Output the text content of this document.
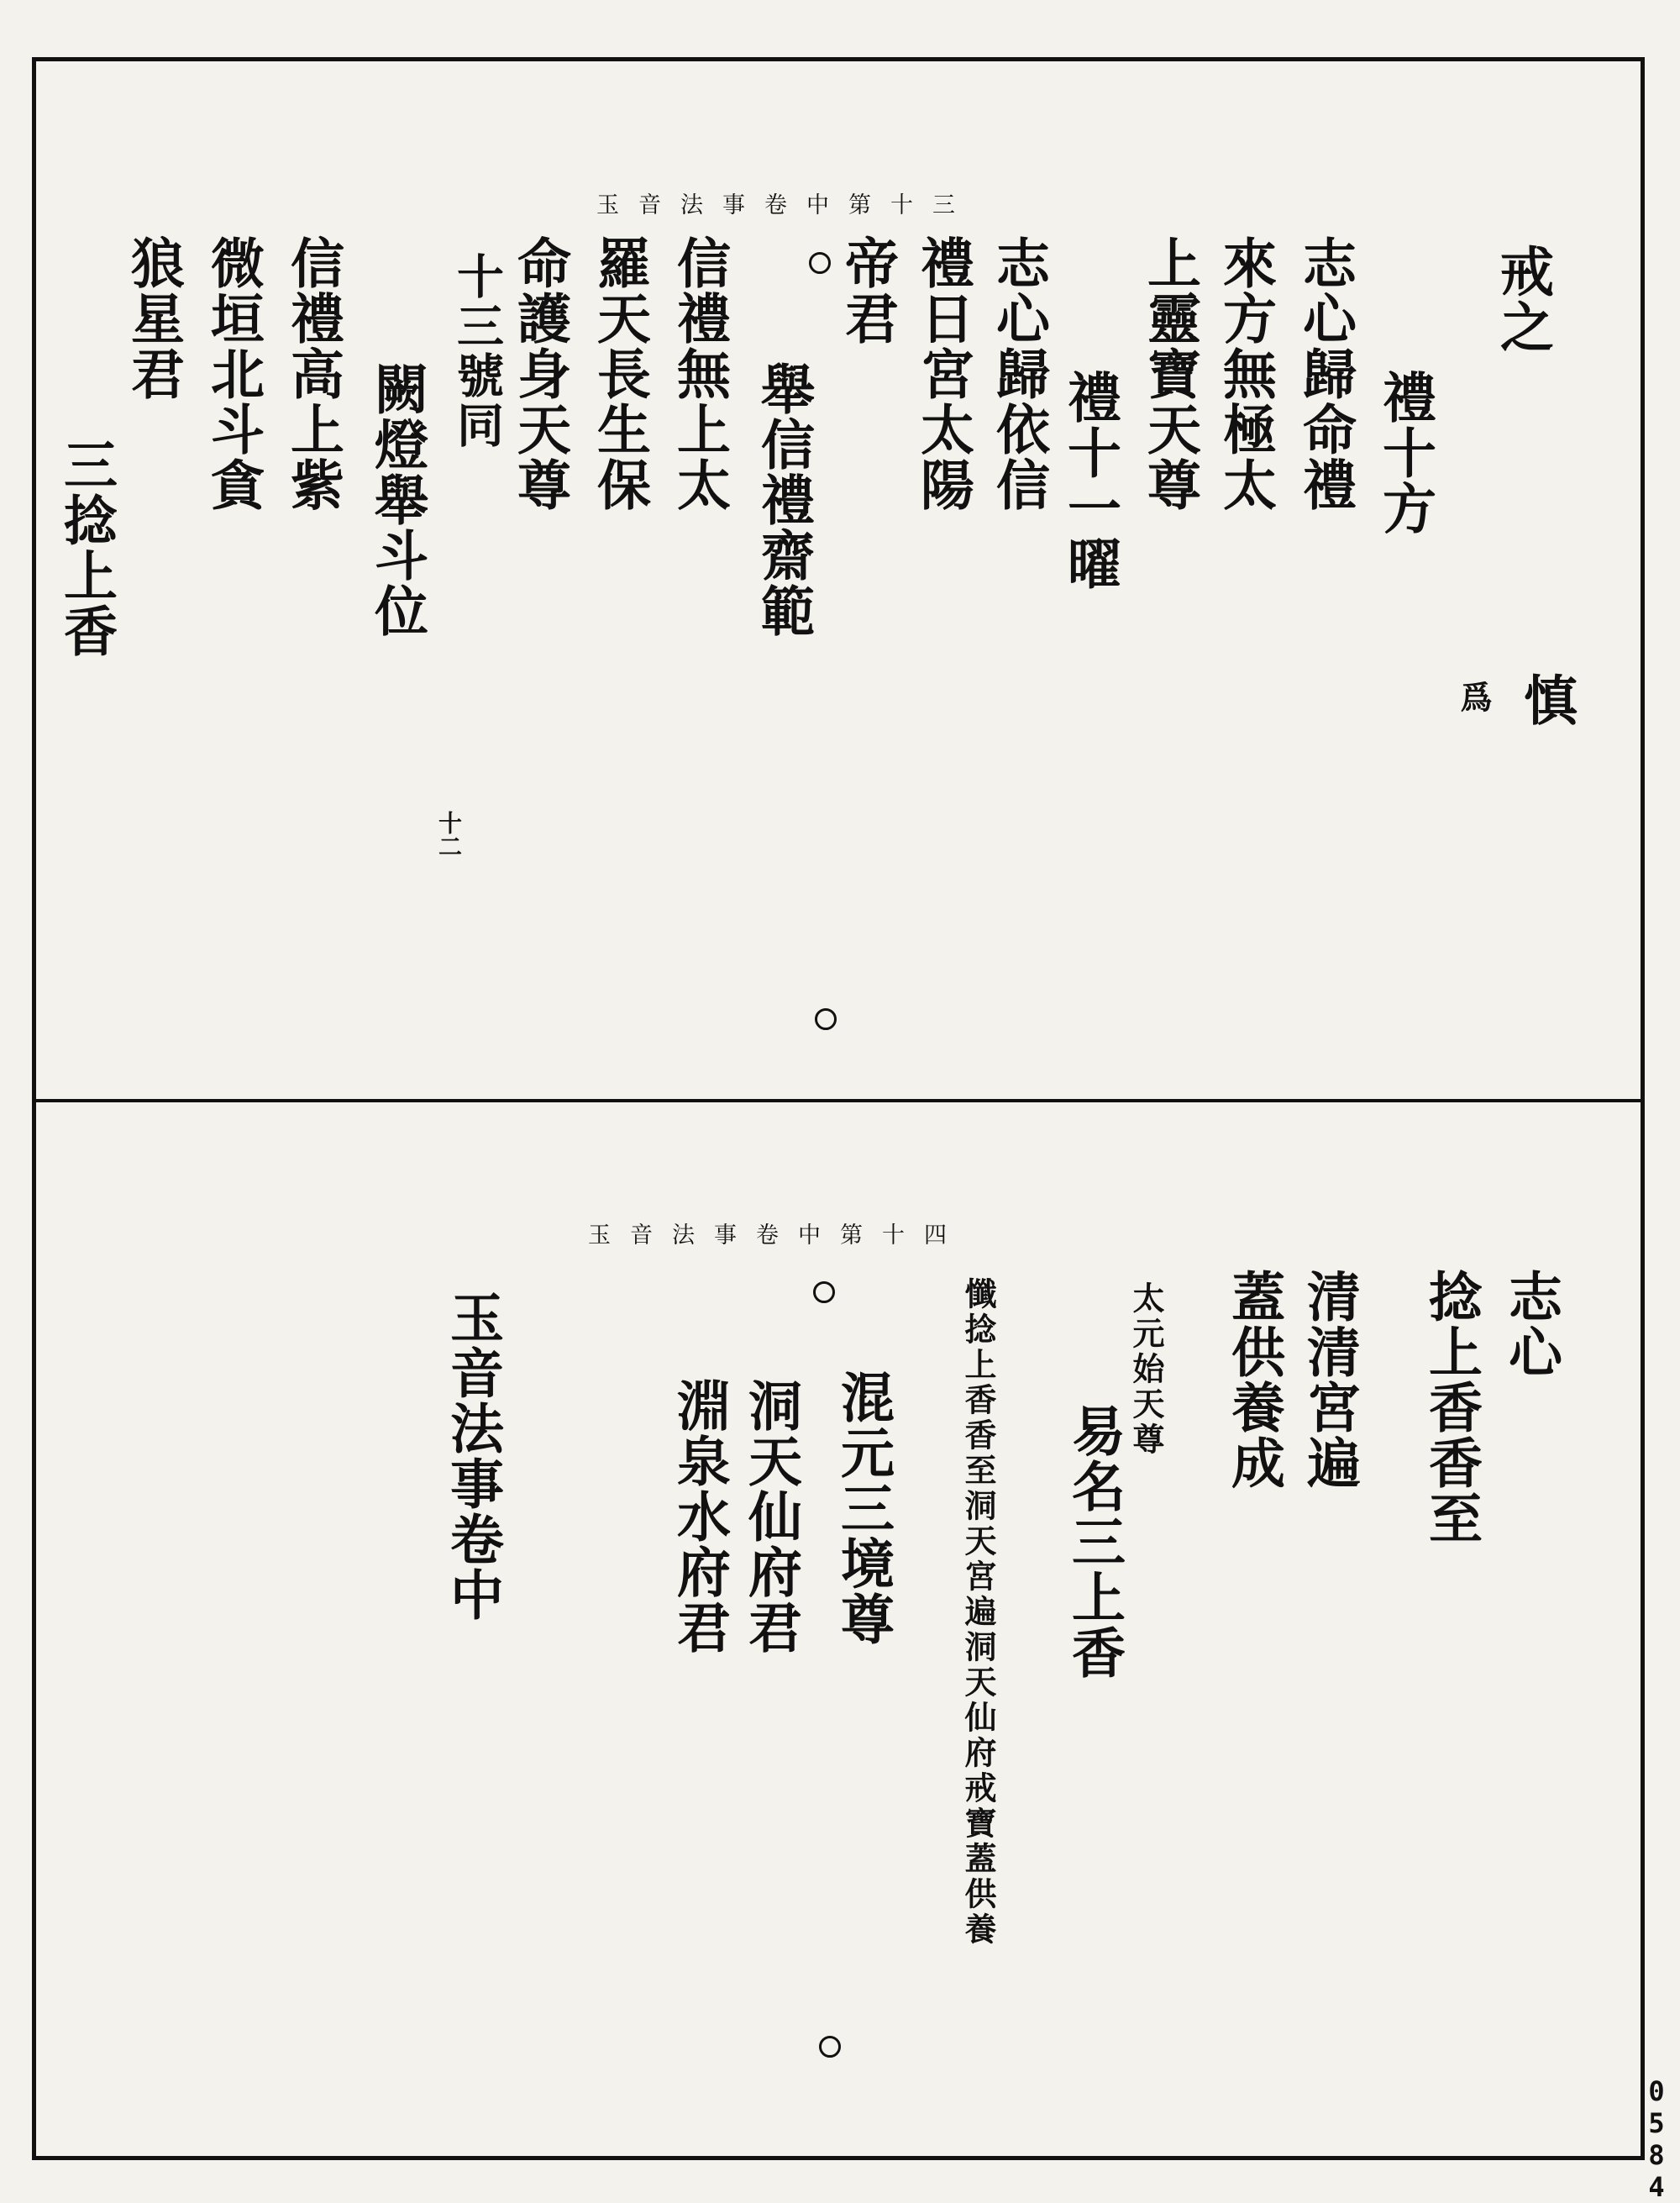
玉音法事卷中第十三
戒之
慎
爲
志心歸命禮 禮十方
來方無極太
上靈寶天尊
禮十一曜
志心歸依信
禮日宮太陽
帝君
舉信禮齋範
信禮無上太
羅天長生保
命護身天尊
十三號同
闕燈舉斗位
信禮高上紫
微垣北斗貪
狼星君
三捻上香
十二
玉音法事卷中第十四
志心
捻上香香至
清清宮遍
蓋供養成
易名三上香
太元始天尊
懺捻上香香至洞天宮遍洞天仙府戒寶蓋供養
混元三境尊
洞天仙府君
淵泉水府君
玉音法事卷中
0584
